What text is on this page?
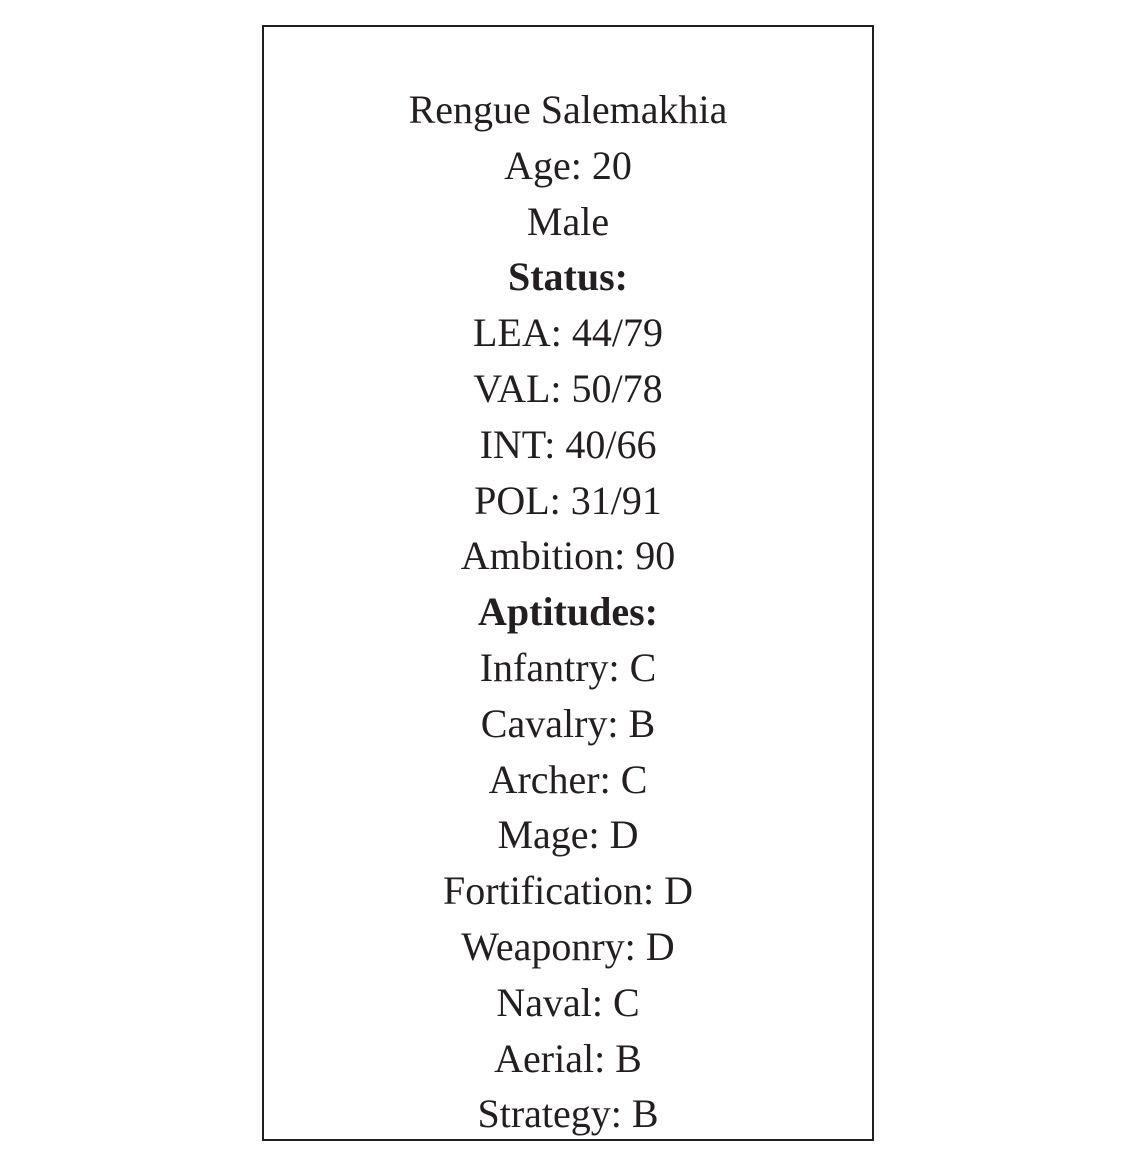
Rengue Salemakhia
Age: 20
Male
Status:
LEA: 44/79
VAL: 50/78
INT: 40/66
POL: 31/91
Ambition: 90
Aptitudes:
Infantry: C
Cavalry: B
Archer: C
Mage: D
Fortification: D
Weaponry: D
Naval: C
Aerial: B
Strategy: B
